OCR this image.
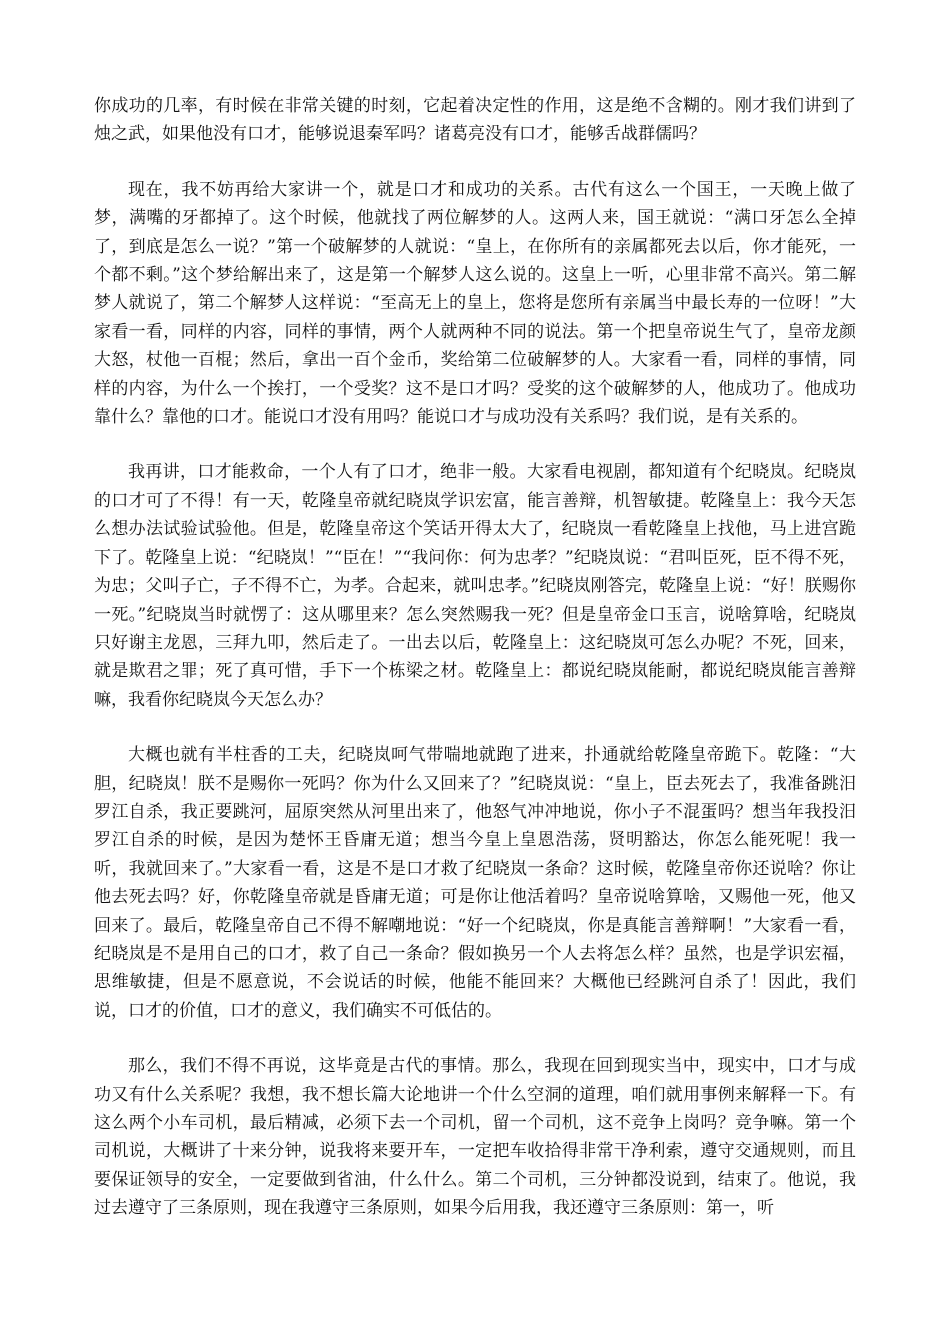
你成功的几率，有时候在非常关键的时刻，它起着决定性的作用，这是绝不含糊的。刚才我们讲到了烛之武，如果他没有口才，能够说退秦军吗？诸葛亮没有口才，能够舌战群儒吗？

现在，我不妨再给大家讲一个，就是口才和成功的关系。古代有这么一个国王，一天晚上做了梦，满嘴的牙都掉了。这个时候，他就找了两位解梦的人。这两人来，国王就说：“满口牙怎么全掉了，到底是怎么一说？”第一个破解梦的人就说：“皇上，在你所有的亲属都死去以后，你才能死，一个都不剩。”这个梦给解出来了，这是第一个解梦人这么说的。这皇上一听，心里非常不高兴。第二解梦人就说了，第二个解梦人这样说：“至高无上的皇上，您将是您所有亲属当中最长寿的一位呀！”大家看一看，同样的内容，同样的事情，两个人就两种不同的说法。第一个把皇帝说生气了，皇帝龙颜大怒，杖他一百棍；然后，拿出一百个金币，奖给第二位破解梦的人。大家看一看，同样的事情，同样的内容，为什么一个挨打，一个受奖？这不是口才吗？受奖的这个破解梦的人，他成功了。他成功靠什么？靠他的口才。能说口才没有用吗？能说口才与成功没有关系吗？我们说，是有关系的。

我再讲，口才能救命，一个人有了口才，绝非一般。大家看电视剧，都知道有个纪晓岚。纪晓岚的口才可了不得！有一天，乾隆皇帝就纪晓岚学识宏富，能言善辩，机智敏捷。乾隆皇上：我今天怎么想办法试验试验他。但是，乾隆皇帝这个笑话开得太大了，纪晓岚一看乾隆皇上找他，马上进宫跪下了。乾隆皇上说：“纪晓岚！”“臣在！”“我问你：何为忠孝？”纪晓岚说：“君叫臣死，臣不得不死，为忠；父叫子亡，子不得不亡，为孝。合起来，就叫忠孝。”纪晓岚刚答完，乾隆皇上说：“好！朕赐你一死。”纪晓岚当时就愣了：这从哪里来？怎么突然赐我一死？但是皇帝金口玉言，说啥算啥，纪晓岚只好谢主龙恩，三拜九叩，然后走了。一出去以后，乾隆皇上：这纪晓岚可怎么办呢？不死，回来，就是欺君之罪；死了真可惜，手下一个栋梁之材。乾隆皇上：都说纪晓岚能耐，都说纪晓岚能言善辩嘛，我看你纪晓岚今天怎么办？

大概也就有半柱香的工夫，纪晓岚呵气带喘地就跑了进来，扑通就给乾隆皇帝跪下。乾隆：“大胆，纪晓岚！朕不是赐你一死吗？你为什么又回来了？”纪晓岚说：“皇上，臣去死去了，我准备跳汨罗江自杀，我正要跳河，屈原突然从河里出来了，他怒气冲冲地说，你小子不混蛋吗？想当年我投汨罗江自杀的时候，是因为楚怀王昏庸无道；想当今皇上皇恩浩荡，贤明豁达，你怎么能死呢！我一听，我就回来了。”大家看一看，这是不是口才救了纪晓岚一条命？这时候，乾隆皇帝你还说啥？你让他去死去吗？好，你乾隆皇帝就是昏庸无道；可是你让他活着吗？皇帝说啥算啥，又赐他一死，他又回来了。最后，乾隆皇帝自己不得不解嘲地说：“好一个纪晓岚，你是真能言善辩啊！”大家看一看，纪晓岚是不是用自己的口才，救了自己一条命？假如换另一个人去将怎么样？虽然，也是学识宏福，思维敏捷，但是不愿意说，不会说话的时候，他能不能回来？大概他已经跳河自杀了！因此，我们说，口才的价值，口才的意义，我们确实不可低估的。

那么，我们不得不再说，这毕竟是古代的事情。那么，我现在回到现实当中，现实中，口才与成功又有什么关系呢？我想，我不想长篇大论地讲一个什么空洞的道理，咱们就用事例来解释一下。有这么两个小车司机，最后精减，必须下去一个司机，留一个司机，这不竞争上岗吗？竞争嘛。第一个司机说，大概讲了十来分钟，说我将来要开车，一定把车收拾得非常干净利索，遵守交通规则，而且要保证领导的安全，一定要做到省油，什么什么。第二个司机，三分钟都没说到，结束了。他说，我过去遵守了三条原则，现在我遵守三条原则，如果今后用我，我还遵守三条原则：第一，听
